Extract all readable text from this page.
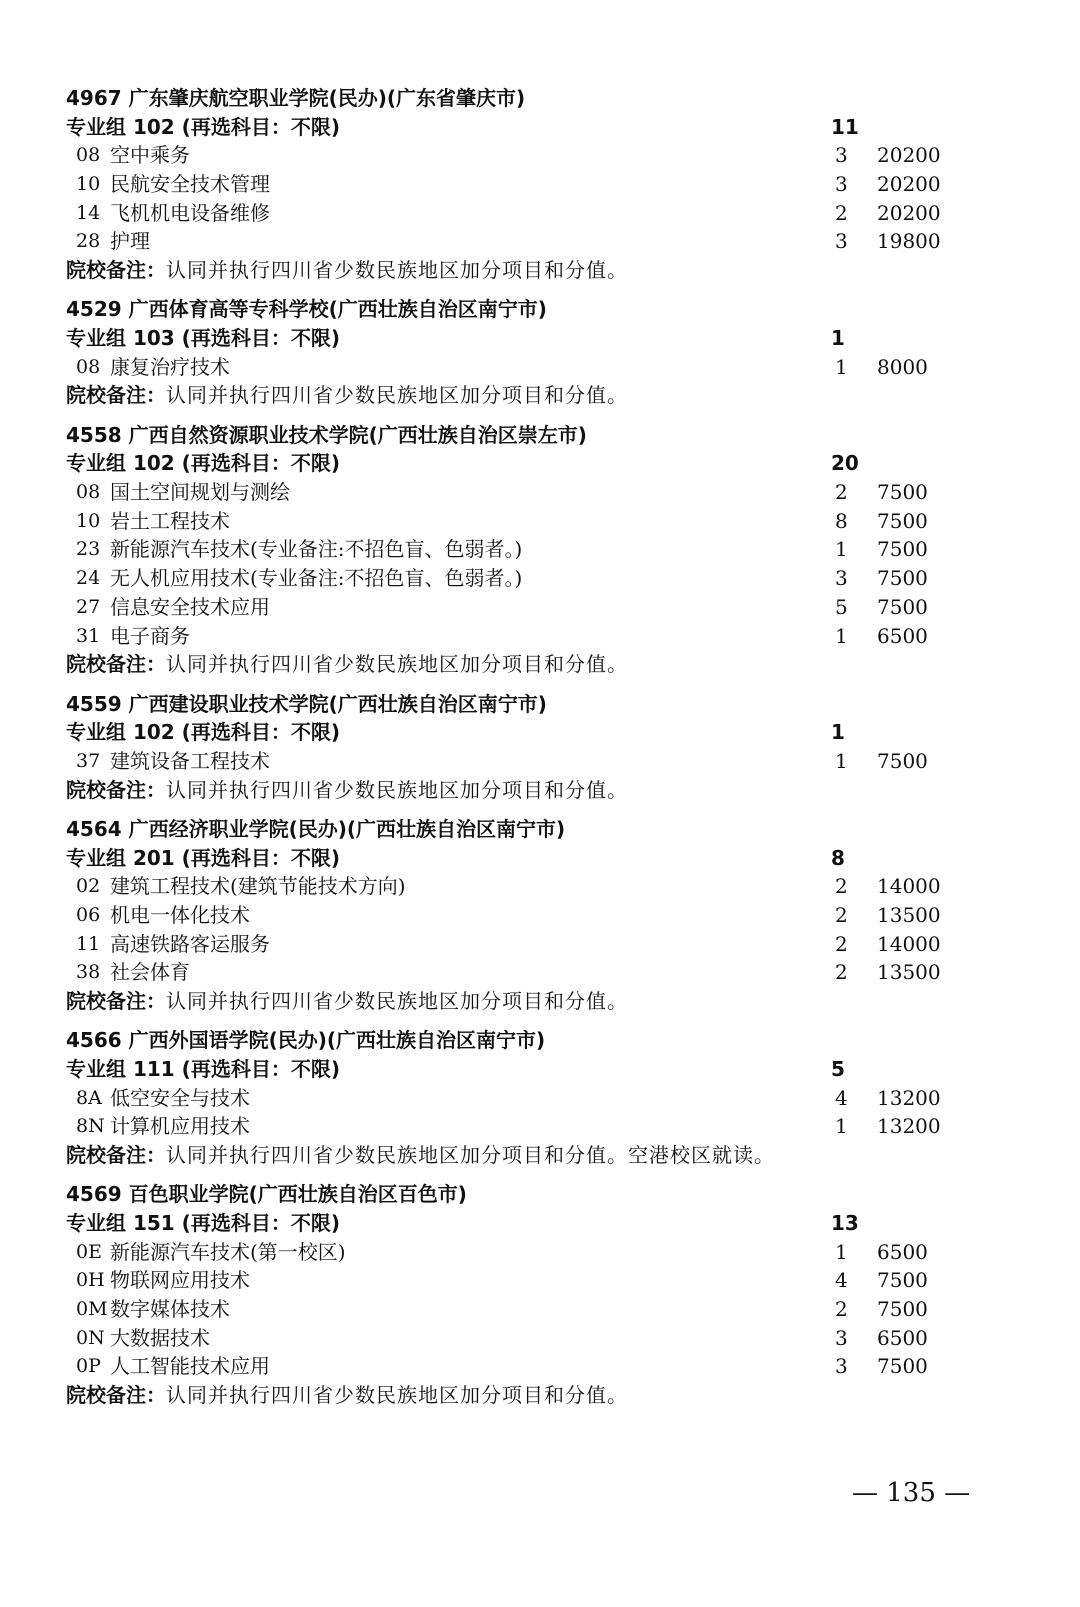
4967 广东肇庆航空职业学院(民办)(广东省肇庆市)
专业组 102 (再选科目：不限)	11
08 空中乘务	3 20200
10 民航安全技术管理	3 20200
14 飞机机电设备维修	2 20200
28 护理	3 19800
院校备注：认同并执行四川省少数民族地区加分项目和分值。
4529 广西体育高等专科学校(广西壮族自治区南宁市)
专业组 103 (再选科目：不限)	1
08 康复治疗技术	1 8000
院校备注：认同并执行四川省少数民族地区加分项目和分值。
4558 广西自然资源职业技术学院(广西壮族自治区崇左市)
专业组 102 (再选科目：不限)	20
08 国土空间规划与测绘	2 7500
10 岩土工程技术	8 7500
23 新能源汽车技术(专业备注:不招色盲、色弱者。)	1 7500
24 无人机应用技术(专业备注:不招色盲、色弱者。)	3 7500
27 信息安全技术应用	5 7500
31 电子商务	1 6500
院校备注：认同并执行四川省少数民族地区加分项目和分值。
4559 广西建设职业技术学院(广西壮族自治区南宁市)
专业组 102 (再选科目：不限)	1
37 建筑设备工程技术	1 7500
院校备注：认同并执行四川省少数民族地区加分项目和分值。
4564 广西经济职业学院(民办)(广西壮族自治区南宁市)
专业组 201 (再选科目：不限)	8
02 建筑工程技术(建筑节能技术方向)	2 14000
06 机电一体化技术	2 13500
11 高速铁路客运服务	2 14000
38 社会体育	2 13500
院校备注：认同并执行四川省少数民族地区加分项目和分值。
4566 广西外国语学院(民办)(广西壮族自治区南宁市)
专业组 111 (再选科目：不限)	5
8A 低空安全与技术	4 13200
8N 计算机应用技术	1 13200
院校备注：认同并执行四川省少数民族地区加分项目和分值。空港校区就读。
4569 百色职业学院(广西壮族自治区百色市)
专业组 151 (再选科目：不限)	13
0E 新能源汽车技术(第一校区)	1 6500
0H 物联网应用技术	4 7500
0M 数字媒体技术	2 7500
0N 大数据技术	3 6500
0P 人工智能技术应用	3 7500
院校备注：认同并执行四川省少数民族地区加分项目和分值。
— 135 —
